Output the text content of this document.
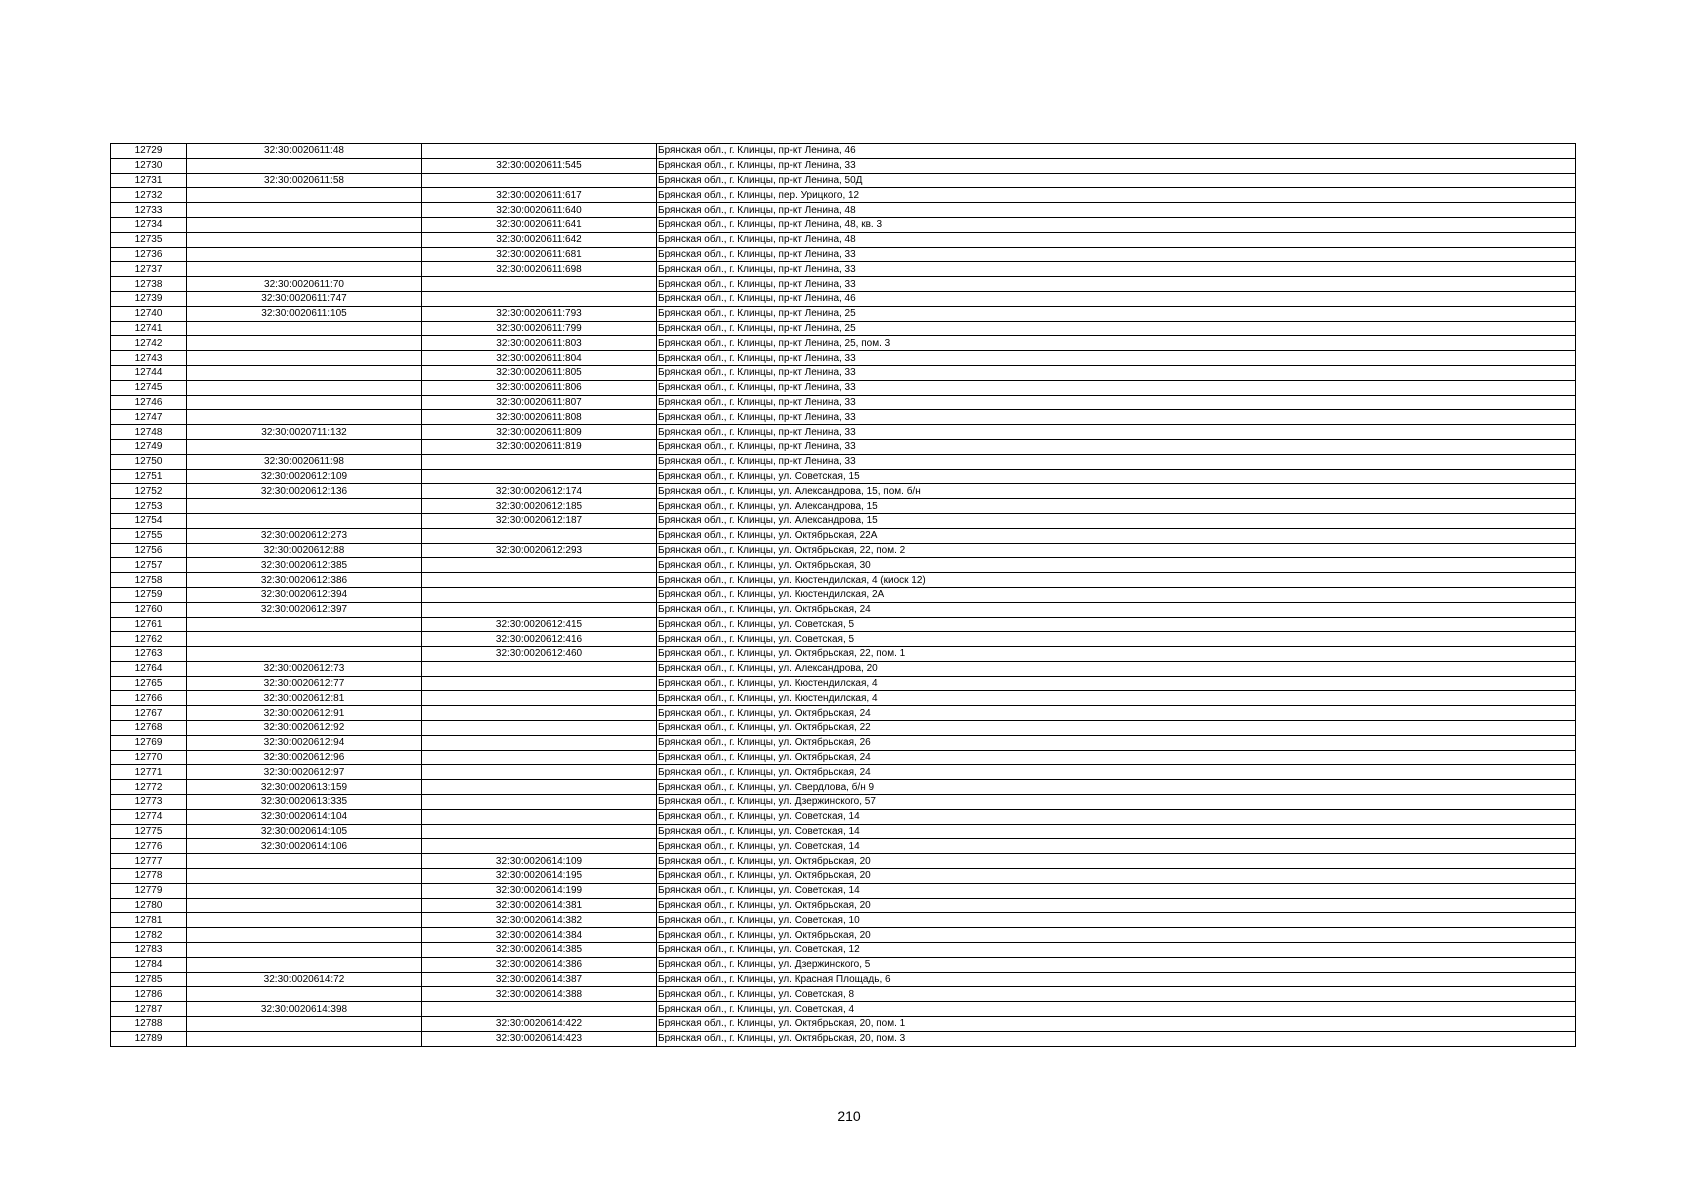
12729	32:30:0020611:48		Брянская обл., г. Клинцы, пр-кт Ленина, 46
12730		32:30:0020611:545	Брянская обл., г. Клинцы, пр-кт Ленина, 33
12731	32:30:0020611:58		Брянская обл., г. Клинцы, пр-кт Ленина, 50Д
12732		32:30:0020611:617	Брянская обл., г. Клинцы, пер. Урицкого, 12
12733		32:30:0020611:640	Брянская обл., г. Клинцы, пр-кт Ленина, 48
12734		32:30:0020611:641	Брянская обл., г. Клинцы, пр-кт Ленина, 48, кв. 3
12735		32:30:0020611:642	Брянская обл., г. Клинцы, пр-кт Ленина, 48
12736		32:30:0020611:681	Брянская обл., г. Клинцы, пр-кт Ленина, 33
12737		32:30:0020611:698	Брянская обл., г. Клинцы, пр-кт Ленина, 33
12738	32:30:0020611:70		Брянская обл., г. Клинцы, пр-кт Ленина, 33
12739	32:30:0020611:747		Брянская обл., г. Клинцы, пр-кт Ленина, 46
12740	32:30:0020611:105	32:30:0020611:793	Брянская обл., г. Клинцы, пр-кт Ленина, 25
12741		32:30:0020611:799	Брянская обл., г. Клинцы, пр-кт Ленина, 25
12742		32:30:0020611:803	Брянская обл., г. Клинцы, пр-кт Ленина, 25, пом. 3
12743		32:30:0020611:804	Брянская обл., г. Клинцы, пр-кт Ленина, 33
12744		32:30:0020611:805	Брянская обл., г. Клинцы, пр-кт Ленина, 33
12745		32:30:0020611:806	Брянская обл., г. Клинцы, пр-кт Ленина, 33
12746		32:30:0020611:807	Брянская обл., г. Клинцы, пр-кт Ленина, 33
12747		32:30:0020611:808	Брянская обл., г. Клинцы, пр-кт Ленина, 33
12748	32:30:0020711:132	32:30:0020611:809	Брянская обл., г. Клинцы, пр-кт Ленина, 33
12749		32:30:0020611:819	Брянская обл., г. Клинцы, пр-кт Ленина, 33
12750	32:30:0020611:98		Брянская обл., г. Клинцы, пр-кт Ленина, 33
12751	32:30:0020612:109		Брянская обл., г. Клинцы, ул. Советская, 15
12752	32:30:0020612:136	32:30:0020612:174	Брянская обл., г. Клинцы, ул. Александрова, 15, пом. б/н
12753		32:30:0020612:185	Брянская обл., г. Клинцы, ул. Александрова, 15
12754		32:30:0020612:187	Брянская обл., г. Клинцы, ул. Александрова, 15
12755	32:30:0020612:273		Брянская обл., г. Клинцы, ул. Октябрьская, 22А
12756	32:30:0020612:88	32:30:0020612:293	Брянская обл., г. Клинцы, ул. Октябрьская, 22, пом. 2
12757	32:30:0020612:385		Брянская обл., г. Клинцы, ул. Октябрьская, 30
12758	32:30:0020612:386		Брянская обл., г. Клинцы, ул. Кюстендилская, 4 (киоск 12)
12759	32:30:0020612:394		Брянская обл., г. Клинцы, ул. Кюстендилская, 2А
12760	32:30:0020612:397		Брянская обл., г. Клинцы, ул. Октябрьская, 24
12761		32:30:0020612:415	Брянская обл., г. Клинцы, ул. Советская, 5
12762		32:30:0020612:416	Брянская обл., г. Клинцы, ул. Советская, 5
12763		32:30:0020612:460	Брянская обл., г. Клинцы, ул. Октябрьская, 22, пом. 1
12764	32:30:0020612:73		Брянская обл., г. Клинцы, ул. Александрова, 20
12765	32:30:0020612:77		Брянская обл., г. Клинцы, ул. Кюстендилская, 4
12766	32:30:0020612:81		Брянская обл., г. Клинцы, ул. Кюстендилская, 4
12767	32:30:0020612:91		Брянская обл., г. Клинцы, ул. Октябрьская, 24
12768	32:30:0020612:92		Брянская обл., г. Клинцы, ул. Октябрьская, 22
12769	32:30:0020612:94		Брянская обл., г. Клинцы, ул. Октябрьская, 26
12770	32:30:0020612:96		Брянская обл., г. Клинцы, ул. Октябрьская, 24
12771	32:30:0020612:97		Брянская обл., г. Клинцы, ул. Октябрьская, 24
12772	32:30:0020613:159		Брянская обл., г. Клинцы, ул. Свердлова, б/н 9
12773	32:30:0020613:335		Брянская обл., г. Клинцы, ул. Дзержинского, 57
12774	32:30:0020614:104		Брянская обл., г. Клинцы, ул. Советская, 14
12775	32:30:0020614:105		Брянская обл., г. Клинцы, ул. Советская, 14
12776	32:30:0020614:106		Брянская обл., г. Клинцы, ул. Советская, 14
12777		32:30:0020614:109	Брянская обл., г. Клинцы, ул. Октябрьская, 20
12778		32:30:0020614:195	Брянская обл., г. Клинцы, ул. Октябрьская, 20
12779		32:30:0020614:199	Брянская обл., г. Клинцы, ул. Советская, 14
12780		32:30:0020614:381	Брянская обл., г. Клинцы, ул. Октябрьская, 20
12781		32:30:0020614:382	Брянская обл., г. Клинцы, ул. Советская, 10
12782		32:30:0020614:384	Брянская обл., г. Клинцы, ул. Октябрьская, 20
12783		32:30:0020614:385	Брянская обл., г. Клинцы, ул. Советская, 12
12784		32:30:0020614:386	Брянская обл., г. Клинцы, ул. Дзержинского, 5
12785	32:30:0020614:72	32:30:0020614:387	Брянская обл., г. Клинцы, ул. Красная Площадь, 6
12786		32:30:0020614:388	Брянская обл., г. Клинцы, ул. Советская, 8
12787	32:30:0020614:398		Брянская обл., г. Клинцы, ул. Советская, 4
12788		32:30:0020614:422	Брянская обл., г. Клинцы, ул. Октябрьская, 20, пом. 1
12789		32:30:0020614:423	Брянская обл., г. Клинцы, ул. Октябрьская, 20, пом. 3
210
